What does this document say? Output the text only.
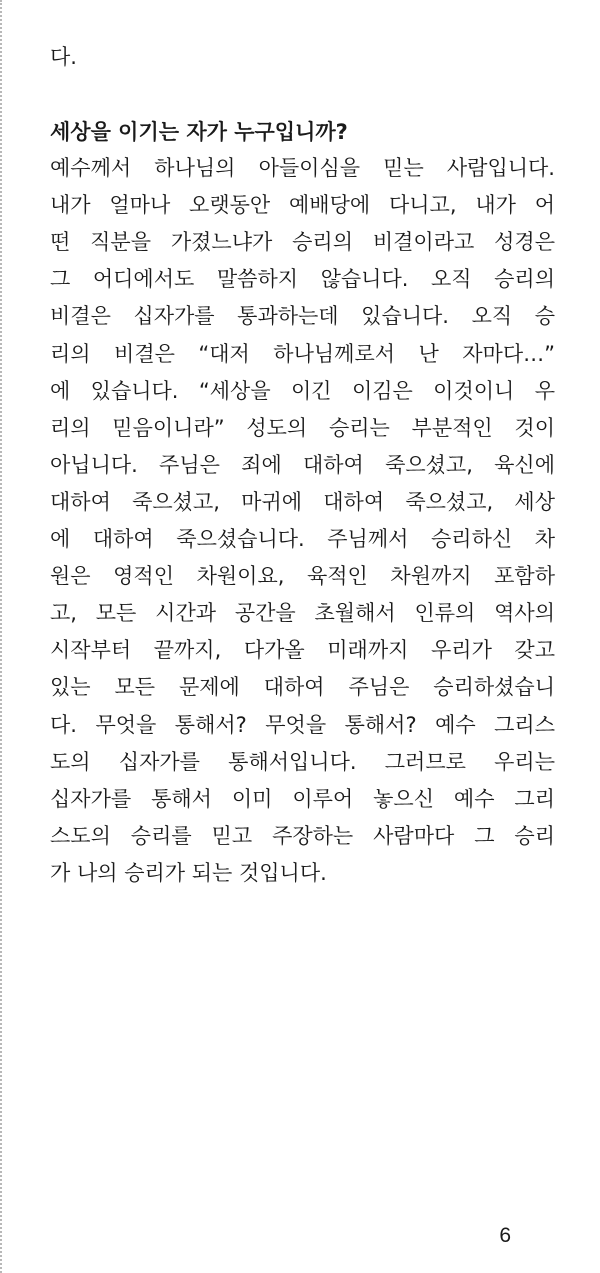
다.
세상을 이기는 자가 누구입니까?
예수께서 하나님의 아들이심을 믿는 사람입니다.
내가 얼마나 오랫동안 예배당에 다니고, 내가 어
떤 직분을 가졌느냐가 승리의 비결이라고 성경은
그 어디에서도 말씀하지 않습니다. 오직 승리의
비결은 십자가를 통과하는데 있습니다. 오직 승
리의 비결은 “대저 하나님께로서 난 자마다…”
에 있습니다. “세상을 이긴 이김은 이것이니 우
리의 믿음이니라” 성도의 승리는 부분적인 것이
아닙니다. 주님은 죄에 대하여 죽으셨고, 육신에
대하여 죽으셨고, 마귀에 대하여 죽으셨고, 세상
에 대하여 죽으셨습니다. 주님께서 승리하신 차
원은 영적인 차원이요, 육적인 차원까지 포함하
고, 모든 시간과 공간을 초월해서 인류의 역사의
시작부터 끝까지, 다가올 미래까지 우리가 갖고
있는 모든 문제에 대하여 주님은 승리하셨습니
다. 무엇을 통해서? 무엇을 통해서? 예수 그리스
도의 십자가를 통해서입니다. 그러므로 우리는
십자가를 통해서 이미 이루어 놓으신 예수 그리
스도의 승리를 믿고 주장하는 사람마다 그 승리
가 나의 승리가 되는 것입니다.
6
